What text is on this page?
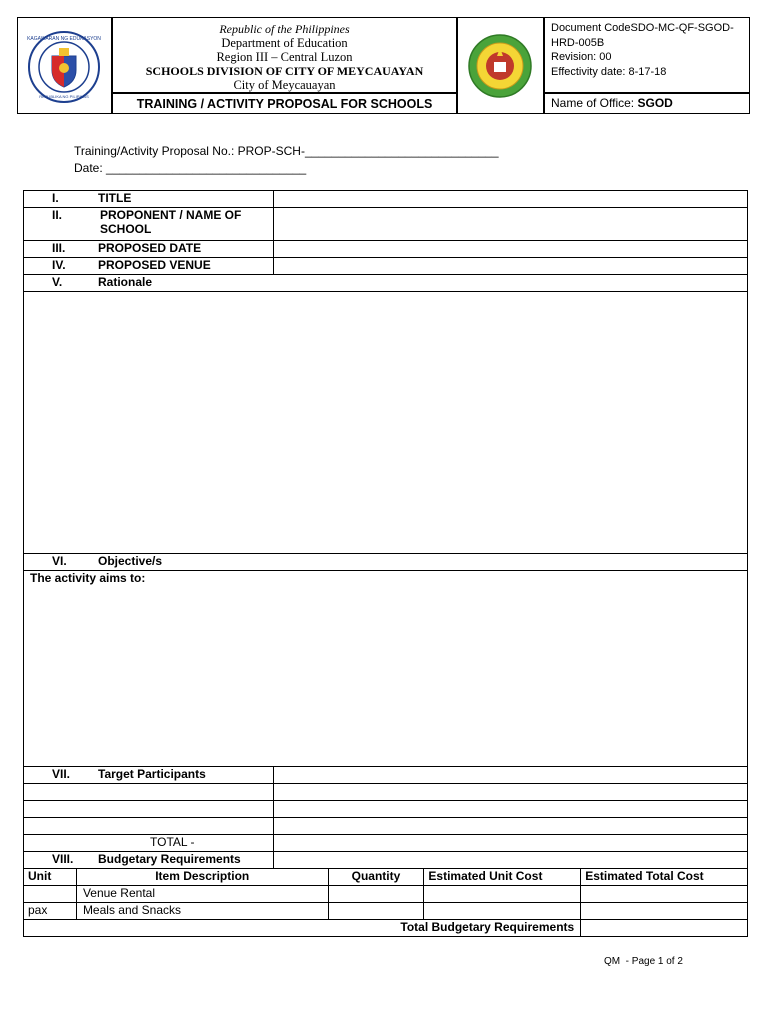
KAGAWARAN NG EDUKASYON
REPUBLIKA NG PILIPINAS
Republic of the Philippines
Department of Education
Region III – Central Luzon
SCHOOLS DIVISION OF CITY OF MEYCAUAYAN
City of Meycauayan
TRAINING / ACTIVITY PROPOSAL FOR SCHOOLS
Document CodeSDO-MC-QF-SGOD-HRD-005B
Revision: 00
Effectivity date: 8-17-18
Name of Office: SGOD
Training/Activity Proposal No.: PROP-SCH-_____________________________
Date: ______________________________
I. TITLE	

II. PROPONENT / NAME OF SCHOOL	

III. PROPOSED DATE	
IV. PROPOSED VENUE	
V. Rationale	

VI. Objective/s	
The activity aims to:	
VII. Target Participants	

TOTAL -	
VIII. Budgetary Requirements	
Unit	Item Description	Quantity	Estimated Unit Cost	Estimated Total Cost
	Venue Rental			
pax	Meals and Snacks			
Total Budgetary Requirements				
QM  - Page 1 of 2
